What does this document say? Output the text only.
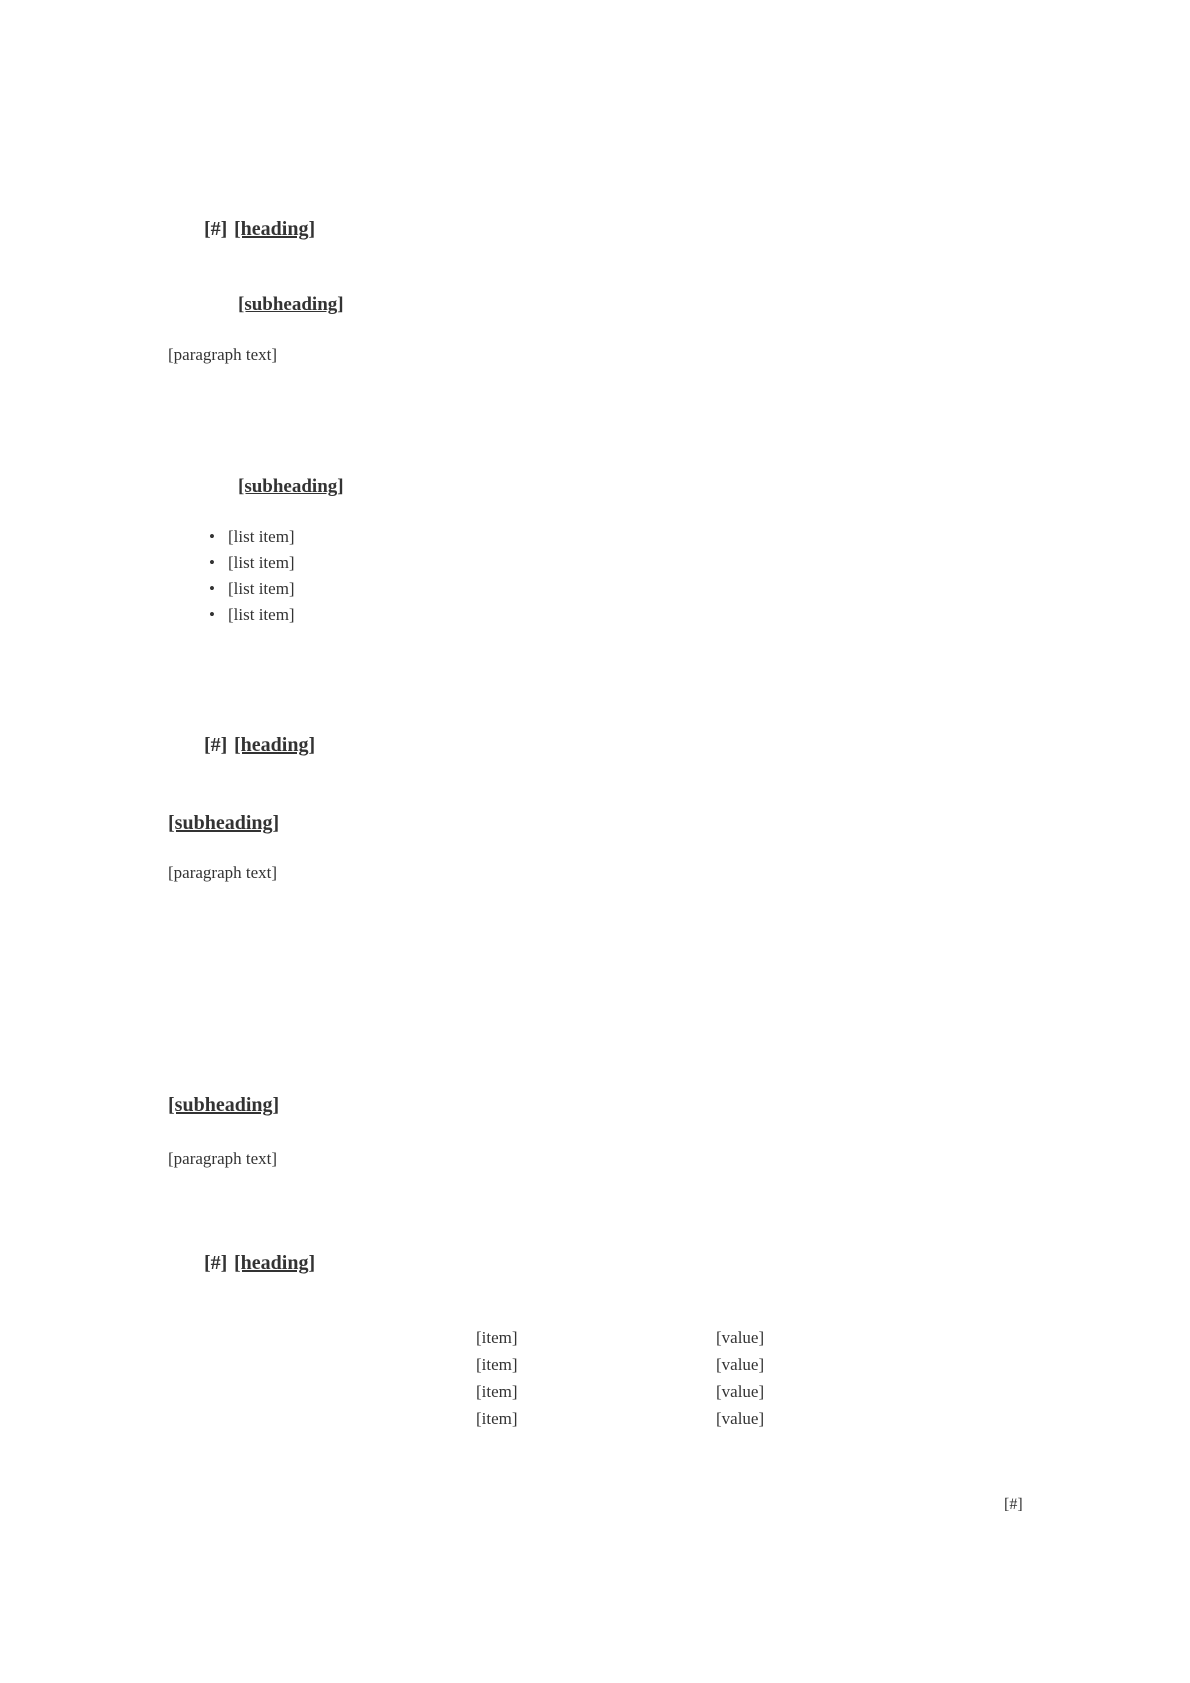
[#] [heading]
[subheading]
[paragraph text]
[subheading]
• [list item]
• [list item]
• [list item]
• [list item]
[#] [heading]
[subheading]
[paragraph text]
[subheading]
[paragraph text]
[#] [heading]
[item]	[value]
[item]	[value]
[item]	[value]
[item]	[value]
[#]
